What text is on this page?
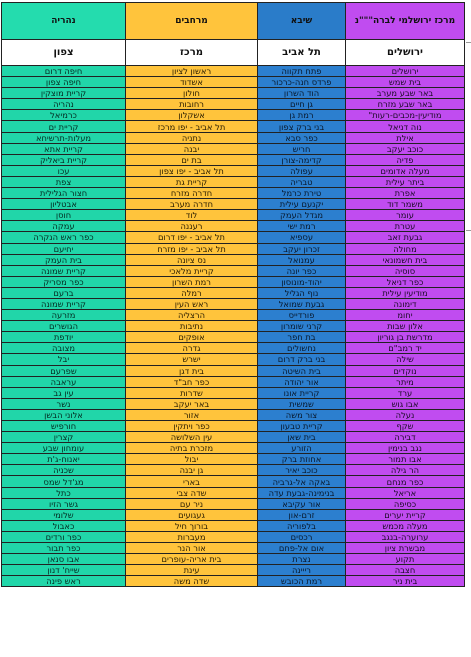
מרכז ירושלמי לברה"""נ	שיבא	מרחבים	נהריה
ירושלים	תל אביב	מרכז	צפון
ירושלים	פתח תקווה	ראשון לציון	חיפה דרום
בית שמש	פרדס חנה-כרכור	אשדוד	חיפה צפון
באר שבע מערב	הוד השרון	חולון	קריית מוצקין
באר שבע מזרח	גן חיים	רחובות	נהריה
מודיעין-מכבים-רעות"	רמת גן	אשקלון	כרמיאל
נוה דניאל	בני ברק צפון	תל אביב - יפו מרכז	קריית ים
אילת	כפר סבא	נתניה	מעלות-תרשיחא
כוכב יעקב	חריש	יבנה	קריית אתא
פדיה	קדימה-צורן	בת ים	קריית ביאליק
מעלה אדומים	עפולה	תל אביב - יפו צפון	עכו
ביתר עילית	טבריה	קריית גת	צפת
אפרת	טירת כרמל	חדרה מזרח	חצור הגלילית
משמר דוד	יקנעם עילית	חדרה מערב	אבטליון
עומר	מגדל העמק	לוד	חוסן
עטרת	רמת ישי	רעננה	עמקה
גבעת זאב	עספיא	תל אביב - יפו דרום	כפר ראש הנקרה
מחולה	זכרון יעקב	תל אביב - יפו מזרח	יחיעם
בית חשמונאי	עמנואל	נס ציונה	בית העמק
סוסיה	כפר יונה	קריית מלאכי	קריית שמונה
כפר דניאל	יהוד-מונוסון	רמת השרון	כפר מסריק
מודיעין עילית	נוף הגליל	רמלה	ברעם
דימונה	גבעת שמואל	ראש העין	קריית שמונה
יחומ	פורדייס	הרצליה	מזרעה
אלון שבות	קרני שומרון	נתיבות	הגושרים
מדרשת בן גוריון	בת חפר	אופקים	יודפת
יד רמב"ם	נחשולים	גדרה	מצובה
שילה	בני ברק דרום	ישרש	יבל
נוקדים	בית השיטה	בית דגן	שפרעם
מיתר	אור יהודה	כפר חב"ד	עראבה
ערד	קריית אונו	שדרות	עין גב
אבו גוש	שמשית	באר יעקב	נשר
נעלה	צור משה	אזור	אלוני הבשן
שקף	קריית טבעון	כפר ויתקין	חורפיש
דבירה	בית שאן	עין השלושה	קצרין
נגב בנימין	הזורע	מזכרת בתיה	עומחון שבע
אבו תמור	אחוזת ברק	יבול	יאנוח-ג'ת
הר גילה	כוכב יאיר	גן יבנה	שכניה
כפר מנחם	באקה אל-גרביה	בארי	מג'דל שמס
אריאל	בנימינה-גבעת עדה	שדה צבי	כתל
כסיפה	אור עקיבא	ניר עם	גשר הזיו
קריית יערים	זרם-און	געגועים	שלומי
מעלה מכמש	בלפוריה	בורוך חיל	כאבול
ערוערה-בנגב	רכסים	מעברות	כפר ורדים
מבשרת ציון	אום אל-פחם	אור הנר	כפר תבור
תקוע	נצרת	בית אריה-עופרים	אבו סנאן
חצבה	רייינה	עינת	שייח' דנון
בית ניר	רמת הכובש	שדה משה	ראש פינה
